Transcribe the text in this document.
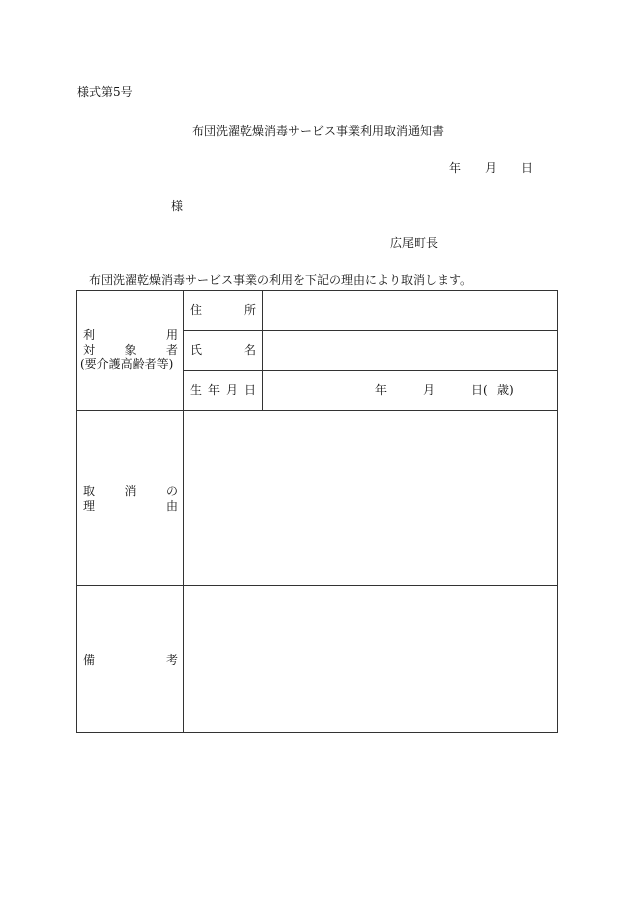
様式第5号
布団洗濯乾燥消毒サービス事業利用取消通知書
年 月 日
様
広尾町長
布団洗濯乾燥消毒サービス事業の利用を下記の理由により取消します。
利	用
対 象 者
(要介護高齢者等)
住	所
氏	名
生 年 月 日	年	月	日( 歳)
取 消 の
理	由
備	考
